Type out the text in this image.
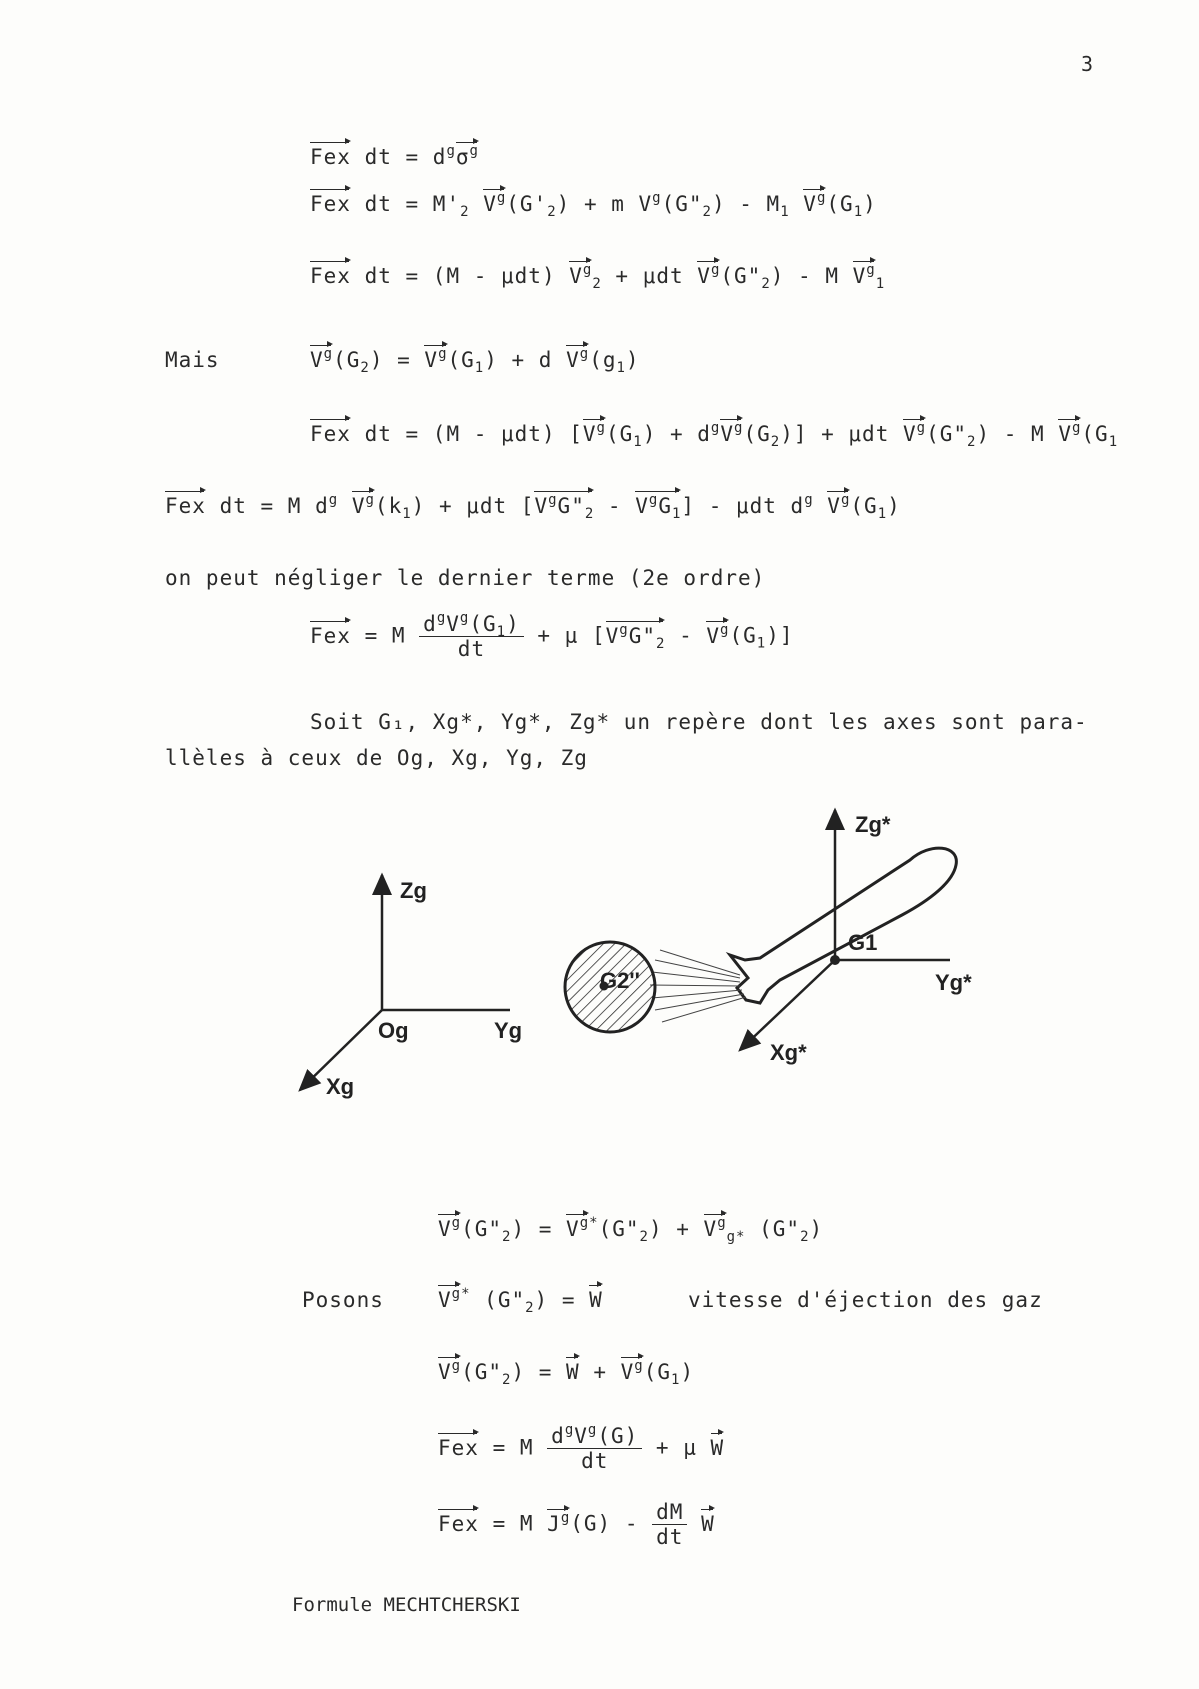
3
Fex dt = $d^g\sigma^g$
Fex dt = $M'_2$ $V^g(G'_2) + m$ $V^g(G"_2) - M_1$ $V^g(G_1)$
Fex dt = (M - μdt) $V^g_2 + \mu dt$ $V^g(G"_2)$ - M $V^g_1$
Mais	$V^g(G_2) = V^g(G_1) + d$ $V^g(g_1)$
Fex dt = (M - μdt) $[V^g(G_1) + d^gV^g(G_2)] + \mu dt$ $V^g(G"_2)$ - M $V^g(G_1$
Fex dt = M $d^g$ $V^g(k_1) + \mu dt$ $[V^gG"_2 - V^gG_1]$ - μdt $d^g$ $V^g(G_1)$
on peut négliger le dernier terme (2e ordre)
Fex = M $\frac{d^gV^g(G_1)}{dt} + \mu$ $[V^gG"_2 - V^g(G_1)]$
Soit G₁, Xg*, Yg*, Zg* un repère dont les axes sont para-
llèles à ceux de Og, Xg, Yg, Zg
Zg
Yg
Xg
Og
Zg*
Yg*
Xg*
G1
$V^g(G"_2)$ = $V^{g*}(G"_2) + V^g_{g*}$ $(G"_2)$
Posons	$V^{g*}$ $(G"_2) = W$	vitesse d'éjection des gaz
$V^g(G"_2) = W + V^g(G_1)$
Fex = M $\frac{d^gV^g(G)}{dt} + \mu$ W
Fex = M $J^g(G) - \frac{dM}{dt}$ W
Formule MECHTCHERSKI
